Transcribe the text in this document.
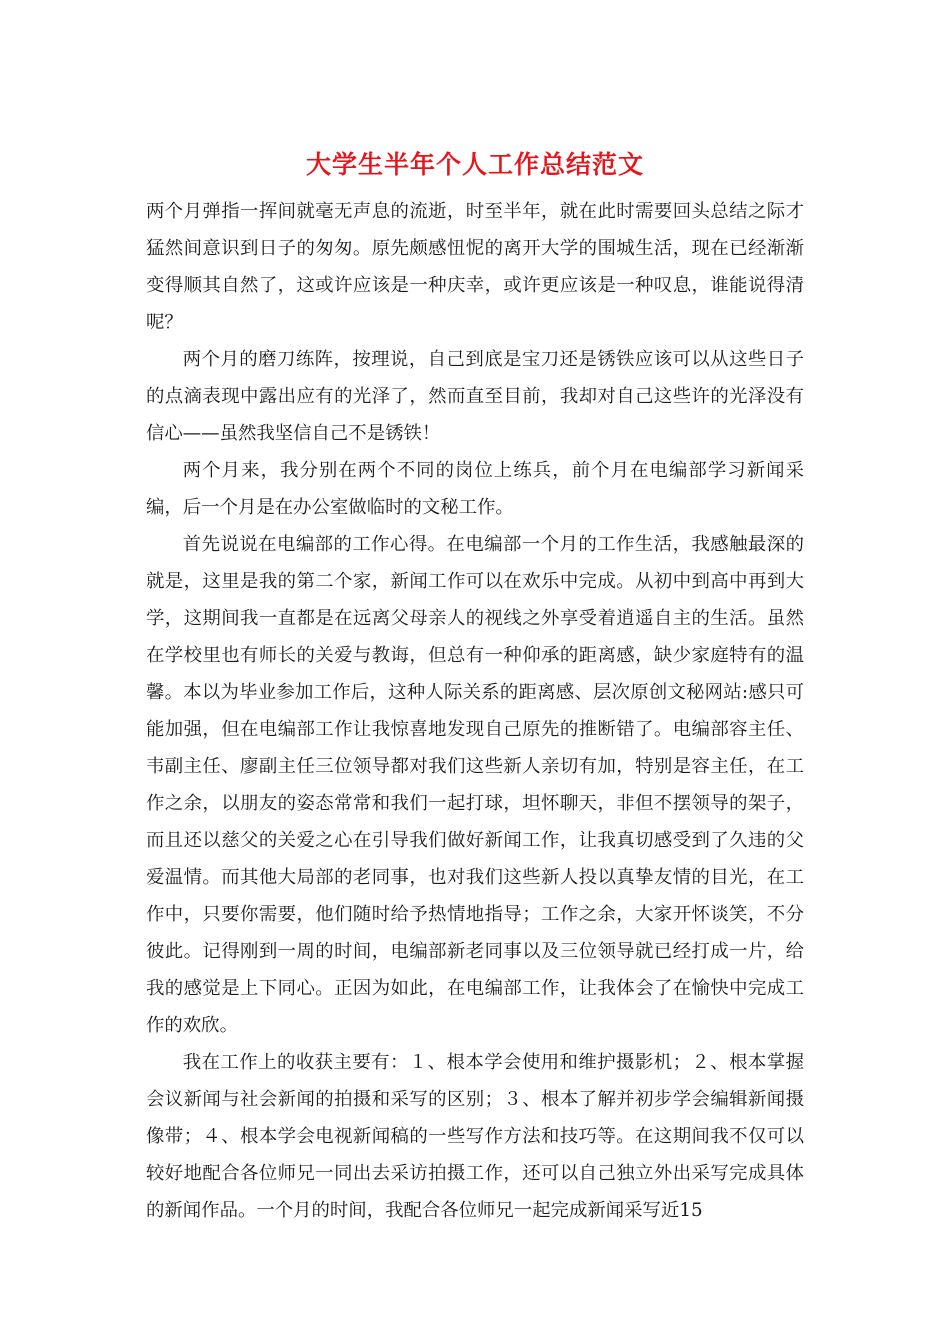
大学生半年个人工作总结范文

两个月弹指一挥间就毫无声息的流逝，时至半年，就在此时需要回头总结之际才猛然间意识到日子的匆匆。原先颇感忸怩的离开大学的围城生活，现在已经渐渐变得顺其自然了，这或许应该是一种庆幸，或许更应该是一种叹息，谁能说得清呢？

两个月的磨刀练阵，按理说，自己到底是宝刀还是锈铁应该可以从这些日子的点滴表现中露出应有的光泽了，然而直至目前，我却对自己这些许的光泽没有信心——虽然我坚信自己不是锈铁！

两个月来，我分别在两个不同的岗位上练兵，前个月在电编部学习新闻采编，后一个月是在办公室做临时的文秘工作。

首先说说在电编部的工作心得。在电编部一个月的工作生活，我感触最深的就是，这里是我的第二个家，新闻工作可以在欢乐中完成。从初中到高中再到大学，这期间我一直都是在远离父母亲人的视线之外享受着逍遥自主的生活。虽然在学校里也有师长的关爱与教诲，但总有一种仰承的距离感，缺少家庭特有的温馨。本以为毕业参加工作后，这种人际关系的距离感、层次原创文秘网站:感只可能加强，但在电编部工作让我惊喜地发现自己原先的推断错了。电编部容主任、韦副主任、廖副主任三位领导都对我们这些新人亲切有加，特别是容主任，在工作之余，以朋友的姿态常常和我们一起打球，坦怀聊天，非但不摆领导的架子，而且还以慈父的关爱之心在引导我们做好新闻工作，让我真切感受到了久违的父爱温情。而其他大局部的老同事，也对我们这些新人投以真挚友情的目光，在工作中，只要你需要，他们随时给予热情地指导；工作之余，大家开怀谈笑，不分彼此。记得刚到一周的时间，电编部新老同事以及三位领导就已经打成一片，给我的感觉是上下同心。正因为如此，在电编部工作，让我体会了在愉快中完成工作的欢欣。

我在工作上的收获主要有：１、根本学会使用和维护摄影机；２、根本掌握会议新闻与社会新闻的拍摄和采写的区别；３、根本了解并初步学会编辑新闻摄像带；４、根本学会电视新闻稿的一些写作方法和技巧等。在这期间我不仅可以较好地配合各位师兄一同出去采访拍摄工作，还可以自己独立外出采写完成具体的新闻作品。一个月的时间，我配合各位师兄一起完成新闻采写近15
